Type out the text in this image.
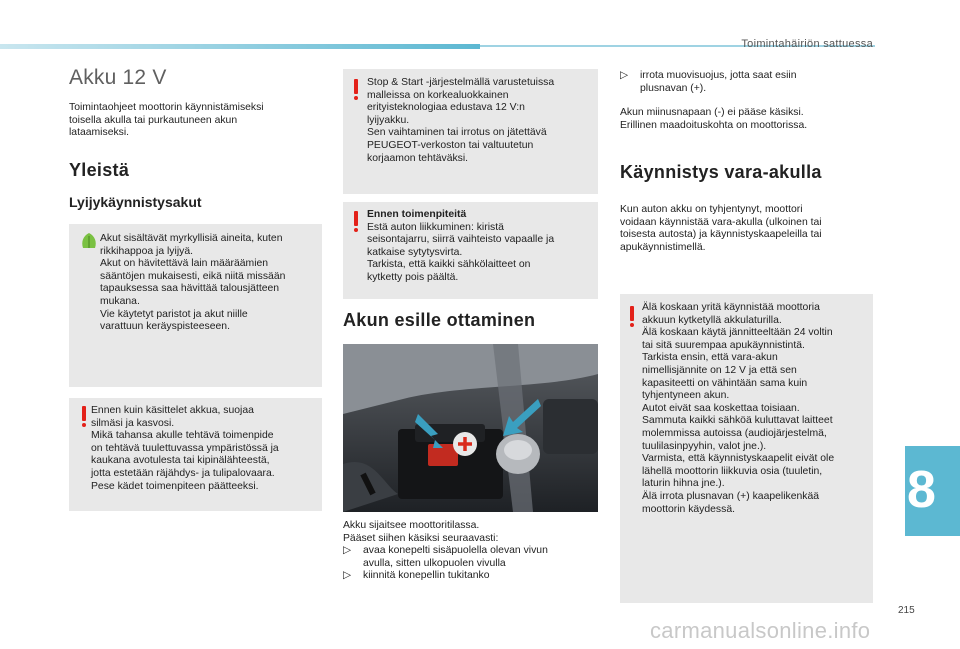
Toimintahäiriön sattuessa
8
215
Akku 12 V

Toimintaohjeet moottorin käynnistämiseksi

toisella akulla tai purkautuneen akun

lataamiseksi.

Yleistä
Lyijykäynnistysakut

Akut sisältävät myrkyllisiä aineita, kuten

rikkihappoa ja lyijyä.

Akut on hävitettävä lain määräämien

sääntöjen mukaisesti, eikä niitä missään

tapauksessa saa hävittää talousjätteen

mukana.

Vie käytetyt paristot ja akut niille

varattuun keräyspisteeseen.

Ennen kuin käsittelet akkua, suojaa

silmäsi ja kasvosi.

Mikä tahansa akulle tehtävä toimenpide

on tehtävä tuulettuvassa ympäristössä ja

kaukana avotulesta tai kipinälähteestä,

jotta estetään räjähdys- ja tulipalovaara.

Pese kädet toimenpiteen päätteeksi.

Stop & Start -järjestelmällä varustetuissa

malleissa on korkealuokkainen

erityisteknologiaa edustava 12 V:n

lyijyakku.

Sen vaihtaminen tai irrotus on jätettävä

PEUGEOT-verkoston tai valtuutetun

korjaamon tehtäväksi.

Ennen toimenpiteitä

Estä auton liikkuminen: kiristä

seisontajarru, siirrä vaihteisto vapaalle ja

katkaise sytytysvirta.

Tarkista, että kaikki sähkölaitteet on

kytketty pois päältä.

Akun esille ottaminen

Akku sijaitsee moottoritilassa.

Pääset siihen käsiksi seuraavasti:

▷ avaa konepelti sisäpuolella olevan vivun

avulla, sitten ulkopuolen vivulla

▷ kiinnitä konepellin tukitanko

▷ irrota muovisuojus, jotta saat esiin

plusnavan (+).

Akun miinusnapaan (-) ei pääse käsiksi.

Erillinen maadoituskohta on moottorissa.

Käynnistys vara-akulla

Kun auton akku on tyhjentynyt, moottori

voidaan käynnistää vara-akulla (ulkoinen tai

toisesta autosta) ja käynnistyskaapeleilla tai

apukäynnistimellä.

Älä koskaan yritä käynnistää moottoria

akkuun kytketyllä akkulaturilla.

Älä koskaan käytä jännitteeltään 24 voltin

tai sitä suurempaa apukäynnistintä.

Tarkista ensin, että vara-akun

nimellisjännite on 12 V ja että sen

kapasiteetti on vähintään sama kuin

tyhjentyneen akun.

Autot eivät saa koskettaa toisiaan.

Sammuta kaikki sähköä kuluttavat laitteet

molemmissa autoissa (audiojärjestelmä,

tuulilasinpyyhin, valot jne.).

Varmista, että käynnistyskaapelit eivät ole

lähellä moottorin liikkuvia osia (tuuletin,

laturin hihna jne.).

Älä irrota plusnavan (+) kaapelikenkää

moottorin käydessä.

carmanualsonline.info
